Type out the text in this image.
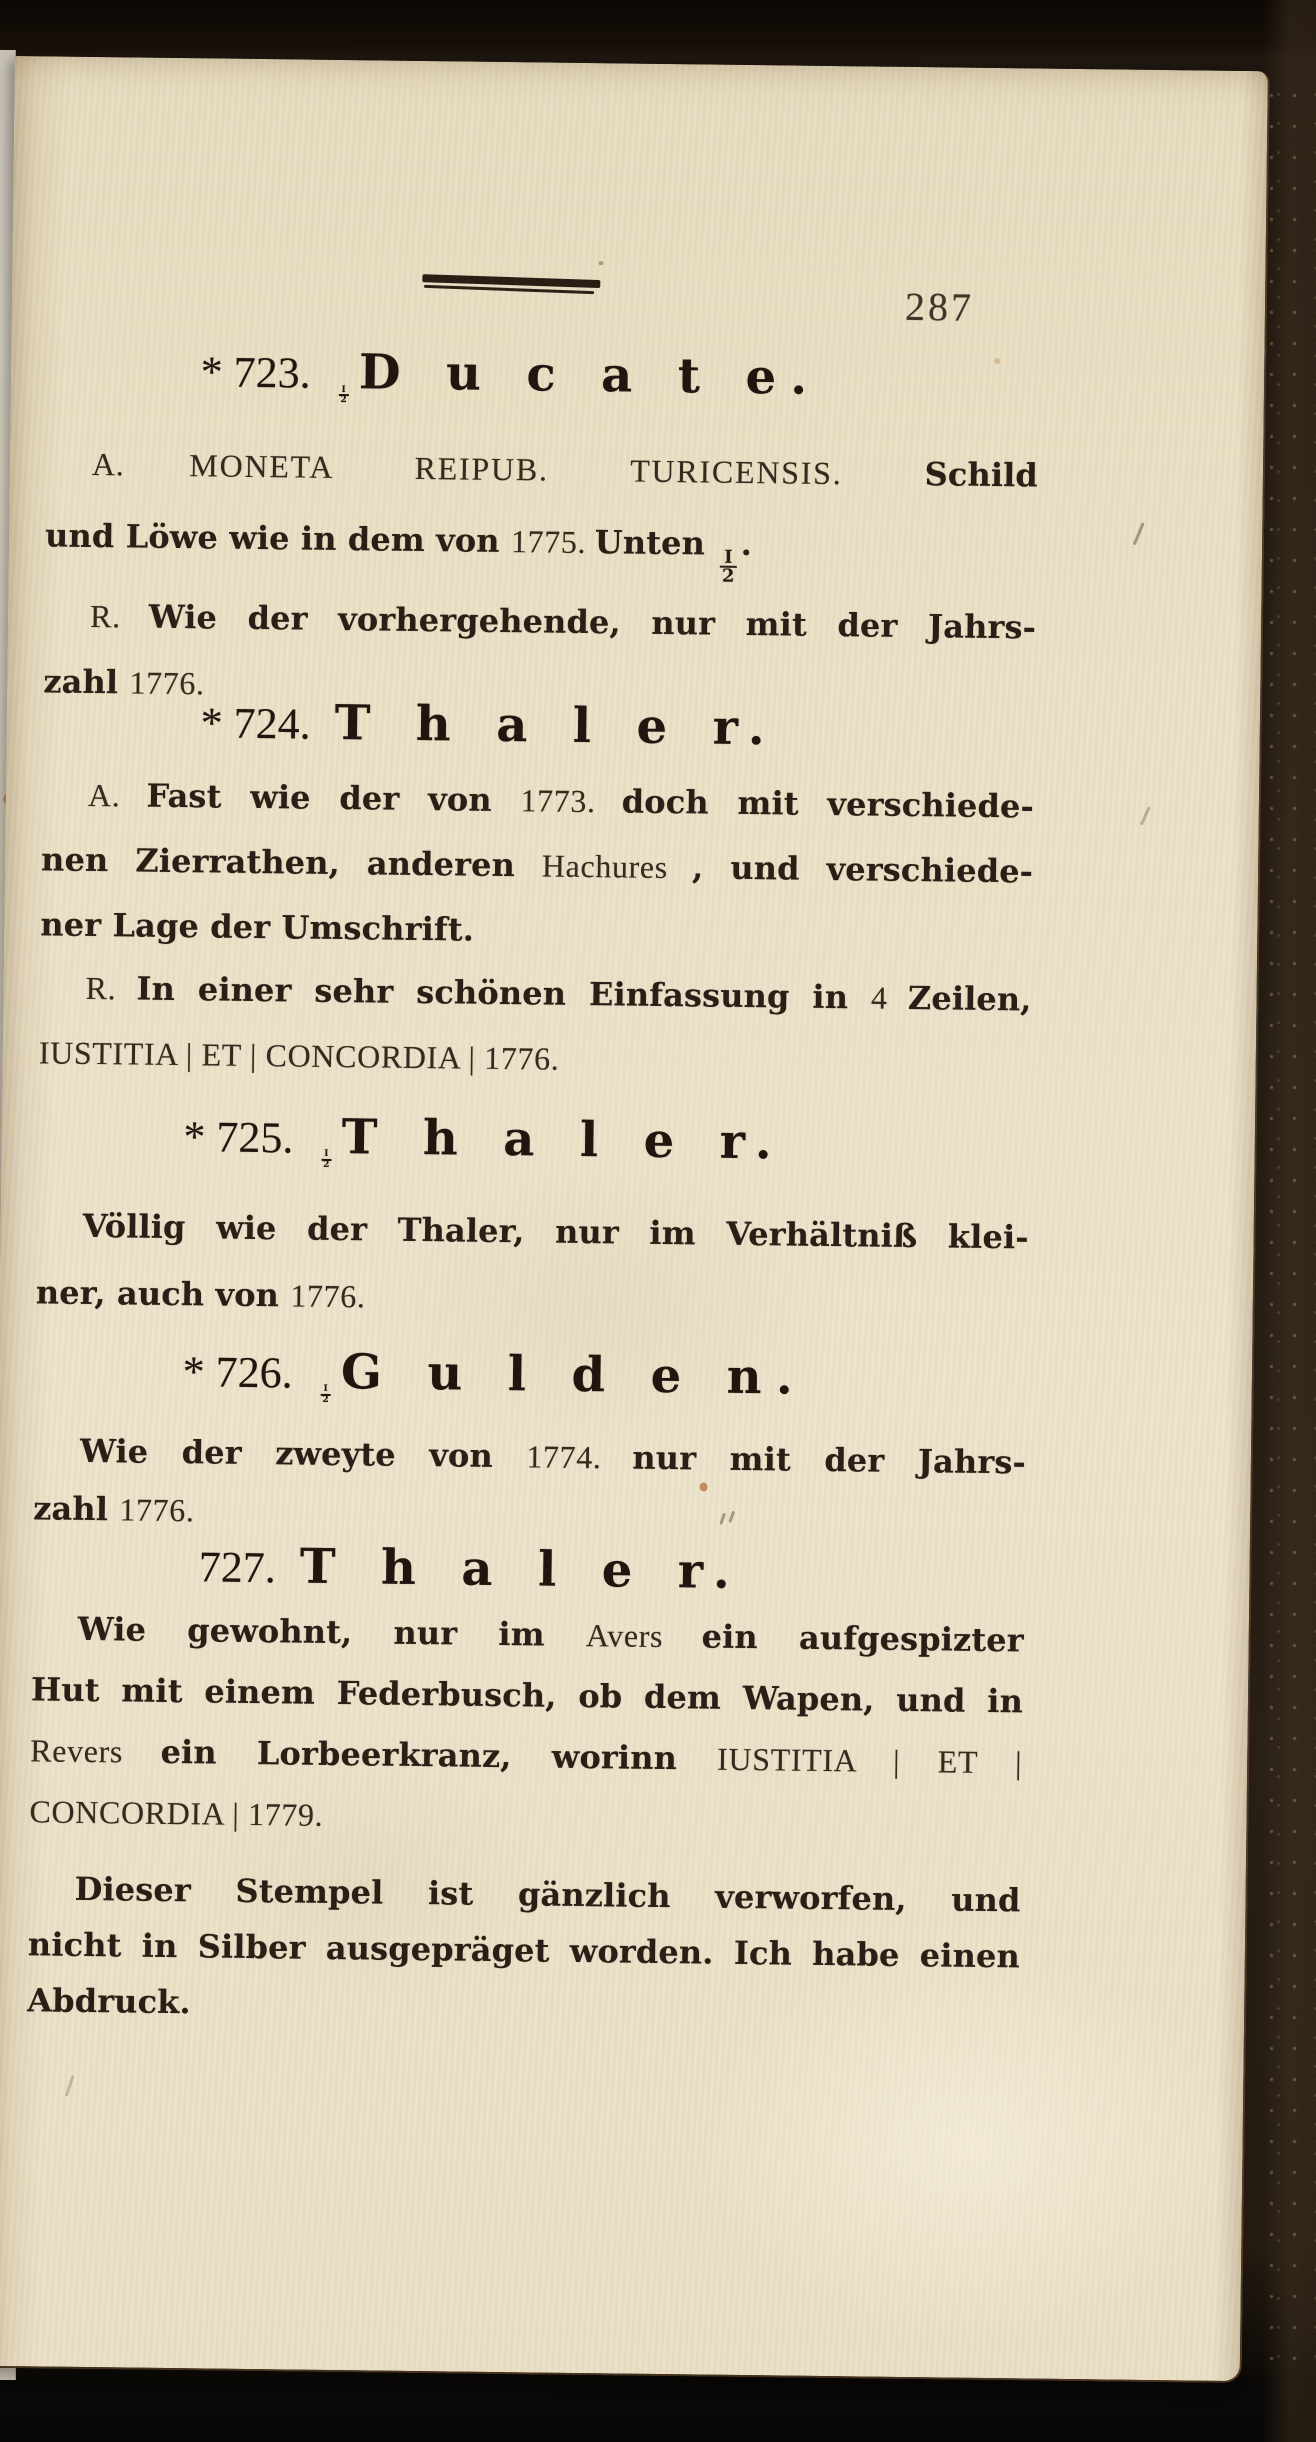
287
* 723.	$\frac{I}{2}$ D u c a t e.
A. MONETA REIPUB. TURICENSIS. Schild
und Löwe wie in dem von 1775. Unten
$\frac{I}{2}$
.
R. Wie der vorhergehende, nur mit der Jahrs-
zahl 1776.
* 724. T h a l e r.
A. Fast wie der von 1773. doch mit verschiede-
nen Zierrathen, anderen Hachures , und verschiede-
ner Lage der Umschrift.
R. In einer sehr schönen Einfassung in 4 Zeilen,
IUSTITIA | ET | CONCORDIA | 1776.
* 725.	$\frac{I}{2}$ T h a l e r.
Völlig wie der Thaler, nur im Verhältniß klei-
ner, auch von 1776.
* 726.	$\frac{I}{2}$ G u l d e n.
Wie der zweyte von 1774. nur mit der Jahrs-
zahl 1776.
727. T h a l e r.
Wie gewohnt, nur im Avers ein aufgespizter
Hut mit einem Federbusch, ob dem Wapen, und in
Revers ein Lorbeerkranz, worinn IUSTITIA | ET |
CONCORDIA | 1779.
Dieser Stempel ist gänzlich verworfen, und
nicht in Silber ausgepräget worden. Ich habe einen
Abdruck.
